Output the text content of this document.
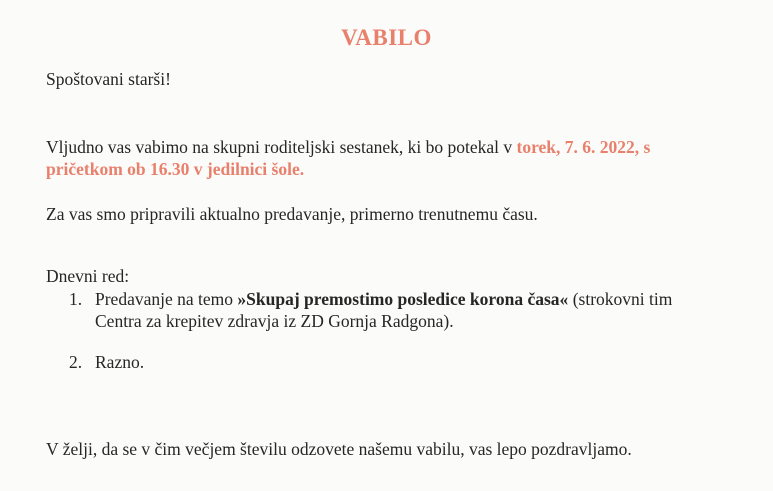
VABILO
Spoštovani starši!
Vljudno vas vabimo na skupni roditeljski sestanek, ki bo potekal v torek, 7. 6. 2022, s
pričetkom ob 16.30 v jedilnici šole.
Za vas smo pripravili aktualno predavanje, primerno trenutnemu času.
Dnevni red:
1. Predavanje na temo »Skupaj premostimo posledice korona časa« (strokovni tim
Centra za krepitev zdravja iz ZD Gornja Radgona).
2. Razno.
V želji, da se v čim večjem številu odzovete našemu vabilu, vas lepo pozdravljamo.
